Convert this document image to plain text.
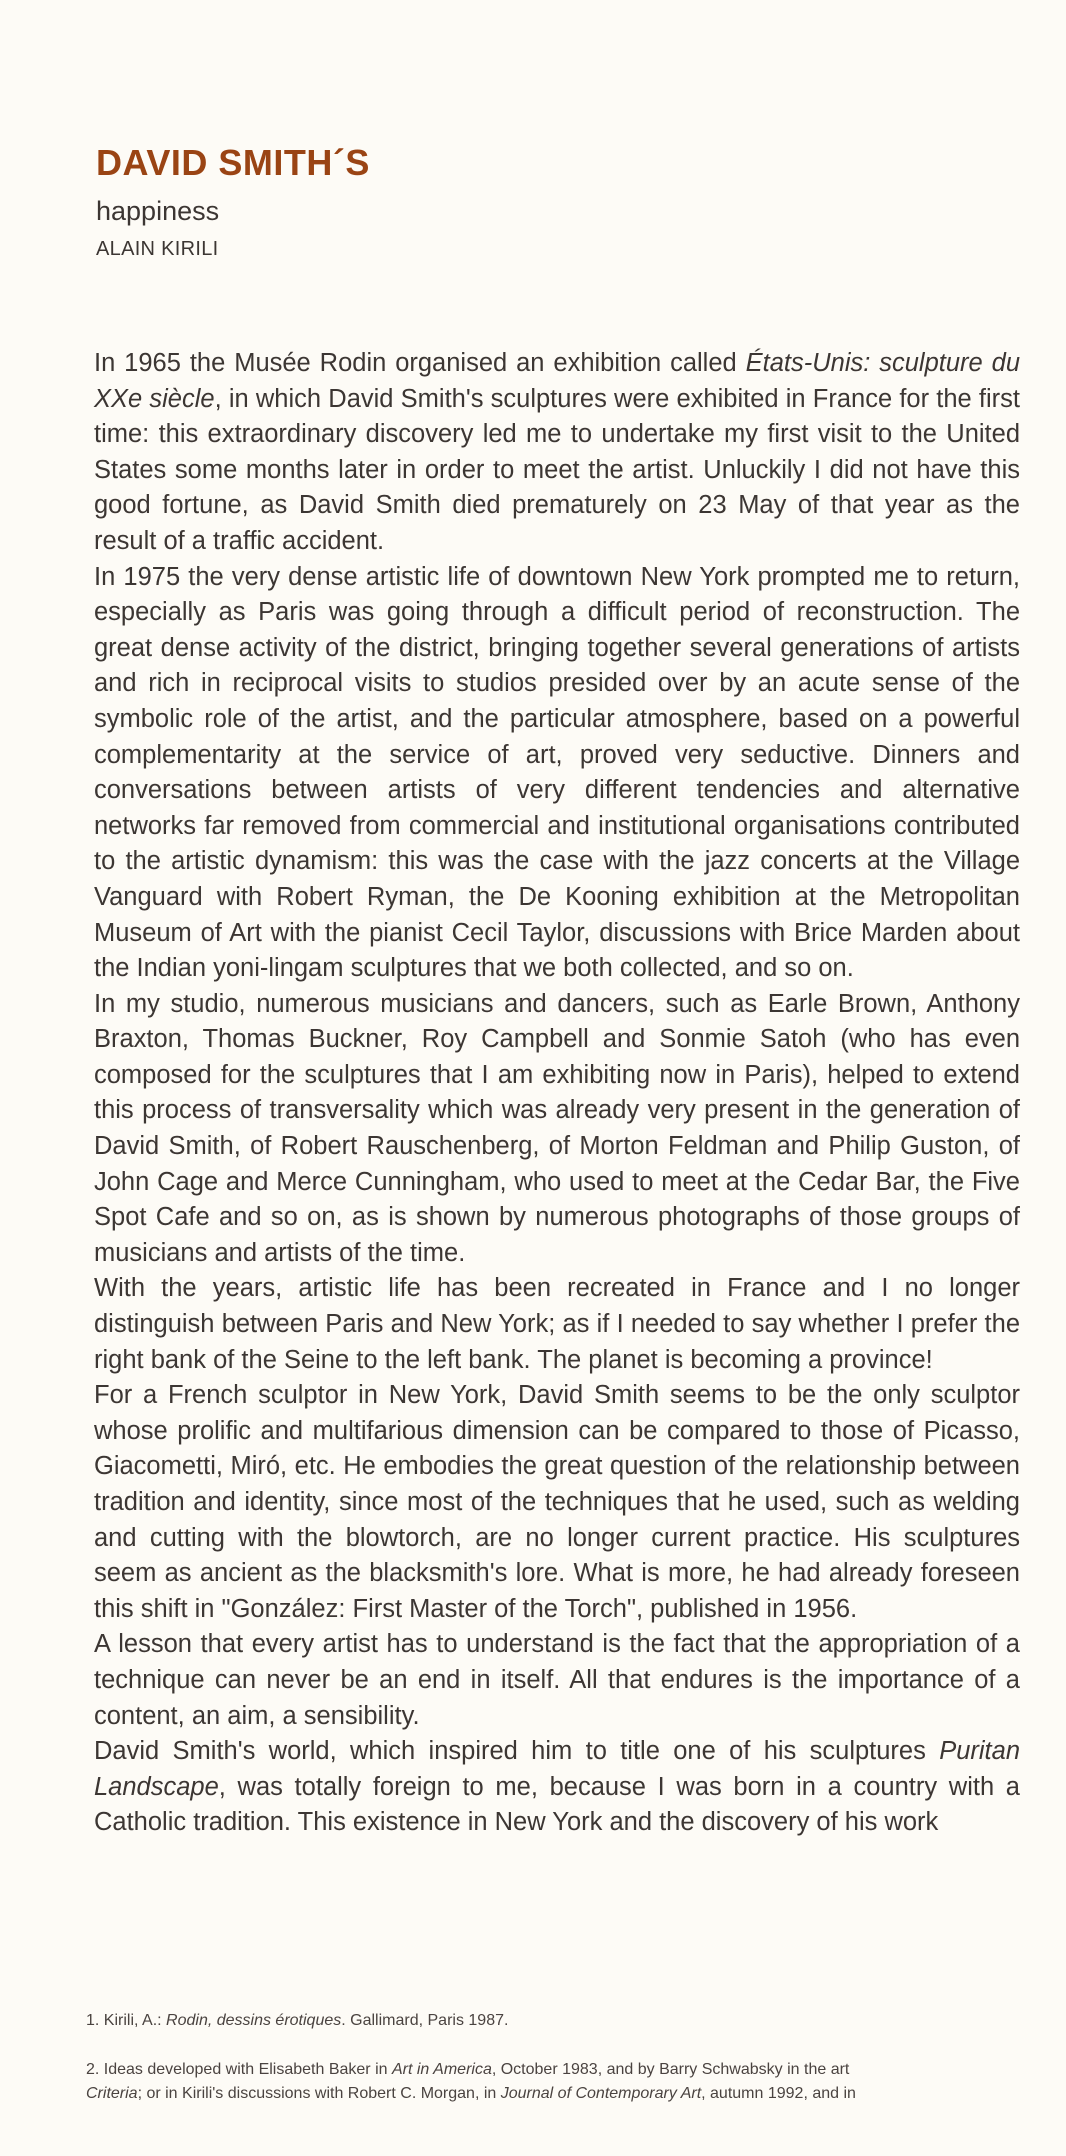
DAVID SMITH´S
happiness
ALAIN KIRILI

In 1965 the Musée Rodin organised an exhibition called États-Unis: sculpture du XXe siècle, in which David Smith's sculptures were exhibited in France for the first time: this extraordinary discovery led me to undertake my first visit to the United States some months later in order to meet the artist. Unluckily I did not have this good fortune, as David Smith died prematurely on 23 May of that year as the result of a traffic accident.

In 1975 the very dense artistic life of downtown New York prompted me to return, especially as Paris was going through a difficult period of reconstruction. The great dense activity of the district, bringing together several generations of artists and rich in reciprocal visits to studios presided over by an acute sense of the symbolic role of the artist, and the particular atmosphere, based on a powerful complementarity at the service of art, proved very seductive. Dinners and conversations between artists of very different tendencies and alternative networks far removed from commercial and institutional organisations contributed to the artistic dynamism: this was the case with the jazz concerts at the Village Vanguard with Robert Ryman, the De Kooning exhibition at the Metropolitan Museum of Art with the pianist Cecil Taylor, discussions with Brice Marden about the Indian yoni-lingam sculptures that we both collected, and so on.

In my studio, numerous musicians and dancers, such as Earle Brown, Anthony Braxton, Thomas Buckner, Roy Campbell and Sonmie Satoh (who has even composed for the sculptures that I am exhibiting now in Paris), helped to extend this process of transversality which was already very present in the generation of David Smith, of Robert Rauschenberg, of Morton Feldman and Philip Guston, of John Cage and Merce Cunningham, who used to meet at the Cedar Bar, the Five Spot Cafe and so on, as is shown by numerous photographs of those groups of musicians and artists of the time.

With the years, artistic life has been recreated in France and I no longer distinguish between Paris and New York; as if I needed to say whether I prefer the right bank of the Seine to the left bank. The planet is becoming a province!

For a French sculptor in New York, David Smith seems to be the only sculptor whose prolific and multifarious dimension can be compared to those of Picasso, Giacometti, Miró, etc. He embodies the great question of the relationship between tradition and identity, since most of the techniques that he used, such as welding and cutting with the blowtorch, are no longer current practice. His sculptures seem as ancient as the blacksmith's lore. What is more, he had already foreseen this shift in "González: First Master of the Torch", published in 1956.

A lesson that every artist has to understand is the fact that the appropriation of a technique can never be an end in itself. All that endures is the importance of a content, an aim, a sensibility.

David Smith's world, which inspired him to title one of his sculptures Puritan Landscape, was totally foreign to me, because I was born in a country with a Catholic tradition. This existence in New York and the discovery of his work

1. Kirili, A.: Rodin, dessins érotiques. Gallimard, Paris 1987.
2. Ideas developed with Elisabeth Baker in Art in America, October 1983, and by Barry Schwabsky in the art
Criteria; or in Kirili's discussions with Robert C. Morgan, in Journal of Contemporary Art, autumn 1992, and in
